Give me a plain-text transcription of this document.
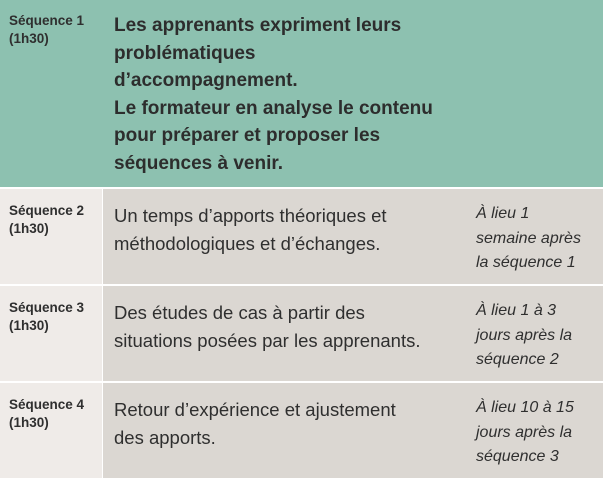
Séquence 1
(1h30)
Les apprenants expriment leurs
problématiques
d’accompagnement.
Le formateur en analyse le contenu
pour préparer et proposer les
séquences à venir.
Séquence 2
(1h30)
Un temps d’apports théoriques et
méthodologiques et d’échanges.
À lieu 1
semaine après
la séquence 1
Séquence 3
(1h30)
Des études de cas à partir des
situations posées par les apprenants.
À lieu 1 à 3
jours après la
séquence 2
Séquence 4
(1h30)
Retour d’expérience et ajustement
des apports.
À lieu 10 à 15
jours après la
séquence 3
